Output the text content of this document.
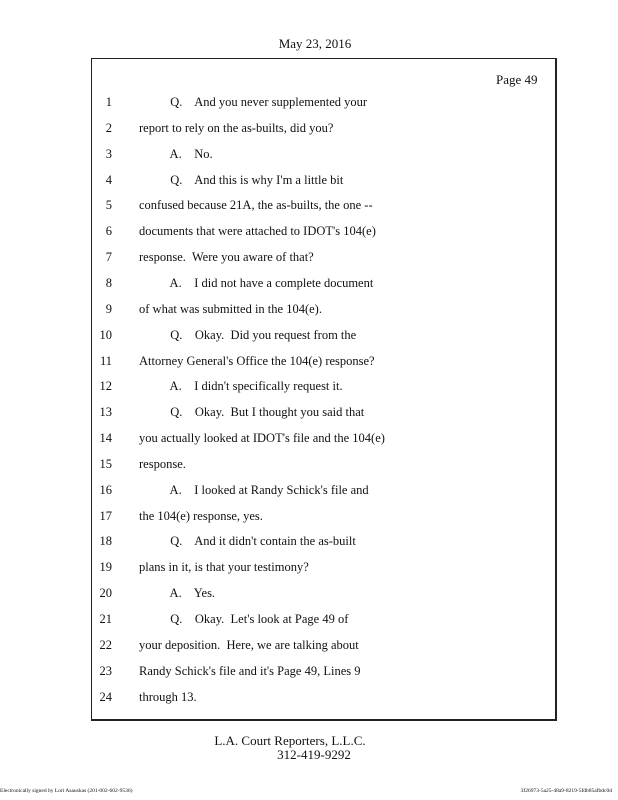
May 23, 2016
Page 49
1 Q.    And you never supplemented your
2 report to rely on the as-builts, did you?
3 A.    No.
4 Q.    And this is why I'm a little bit
5 confused because 21A, the as-builts, the one --
6 documents that were attached to IDOT's 104(e)
7 response.  Were you aware of that?
8 A.    I did not have a complete document
9 of what was submitted in the 104(e).
10 Q.    Okay.  Did you request from the
11 Attorney General's Office the 104(e) response?
12 A.    I didn't specifically request it.
13 Q.    Okay.  But I thought you said that
14 you actually looked at IDOT's file and the 104(e)
15 response.
16 A.    I looked at Randy Schick's file and
17 the 104(e) response, yes.
18 Q.    And it didn't contain the as-built
19 plans in it, is that your testimony?
20 A.    Yes.
21 Q.    Okay.  Let's look at Page 49 of
22 your deposition.  Here, we are talking about
23 Randy Schick's file and it's Page 49, Lines 9
24 through 13.
L.A. Court Reporters, L.L.C.
312-419-9292
Electronically signed by Lori Asauskas (201-002-602-9536)	3f26973-5a25-48a9-8219-5fdb85afbdc0d
